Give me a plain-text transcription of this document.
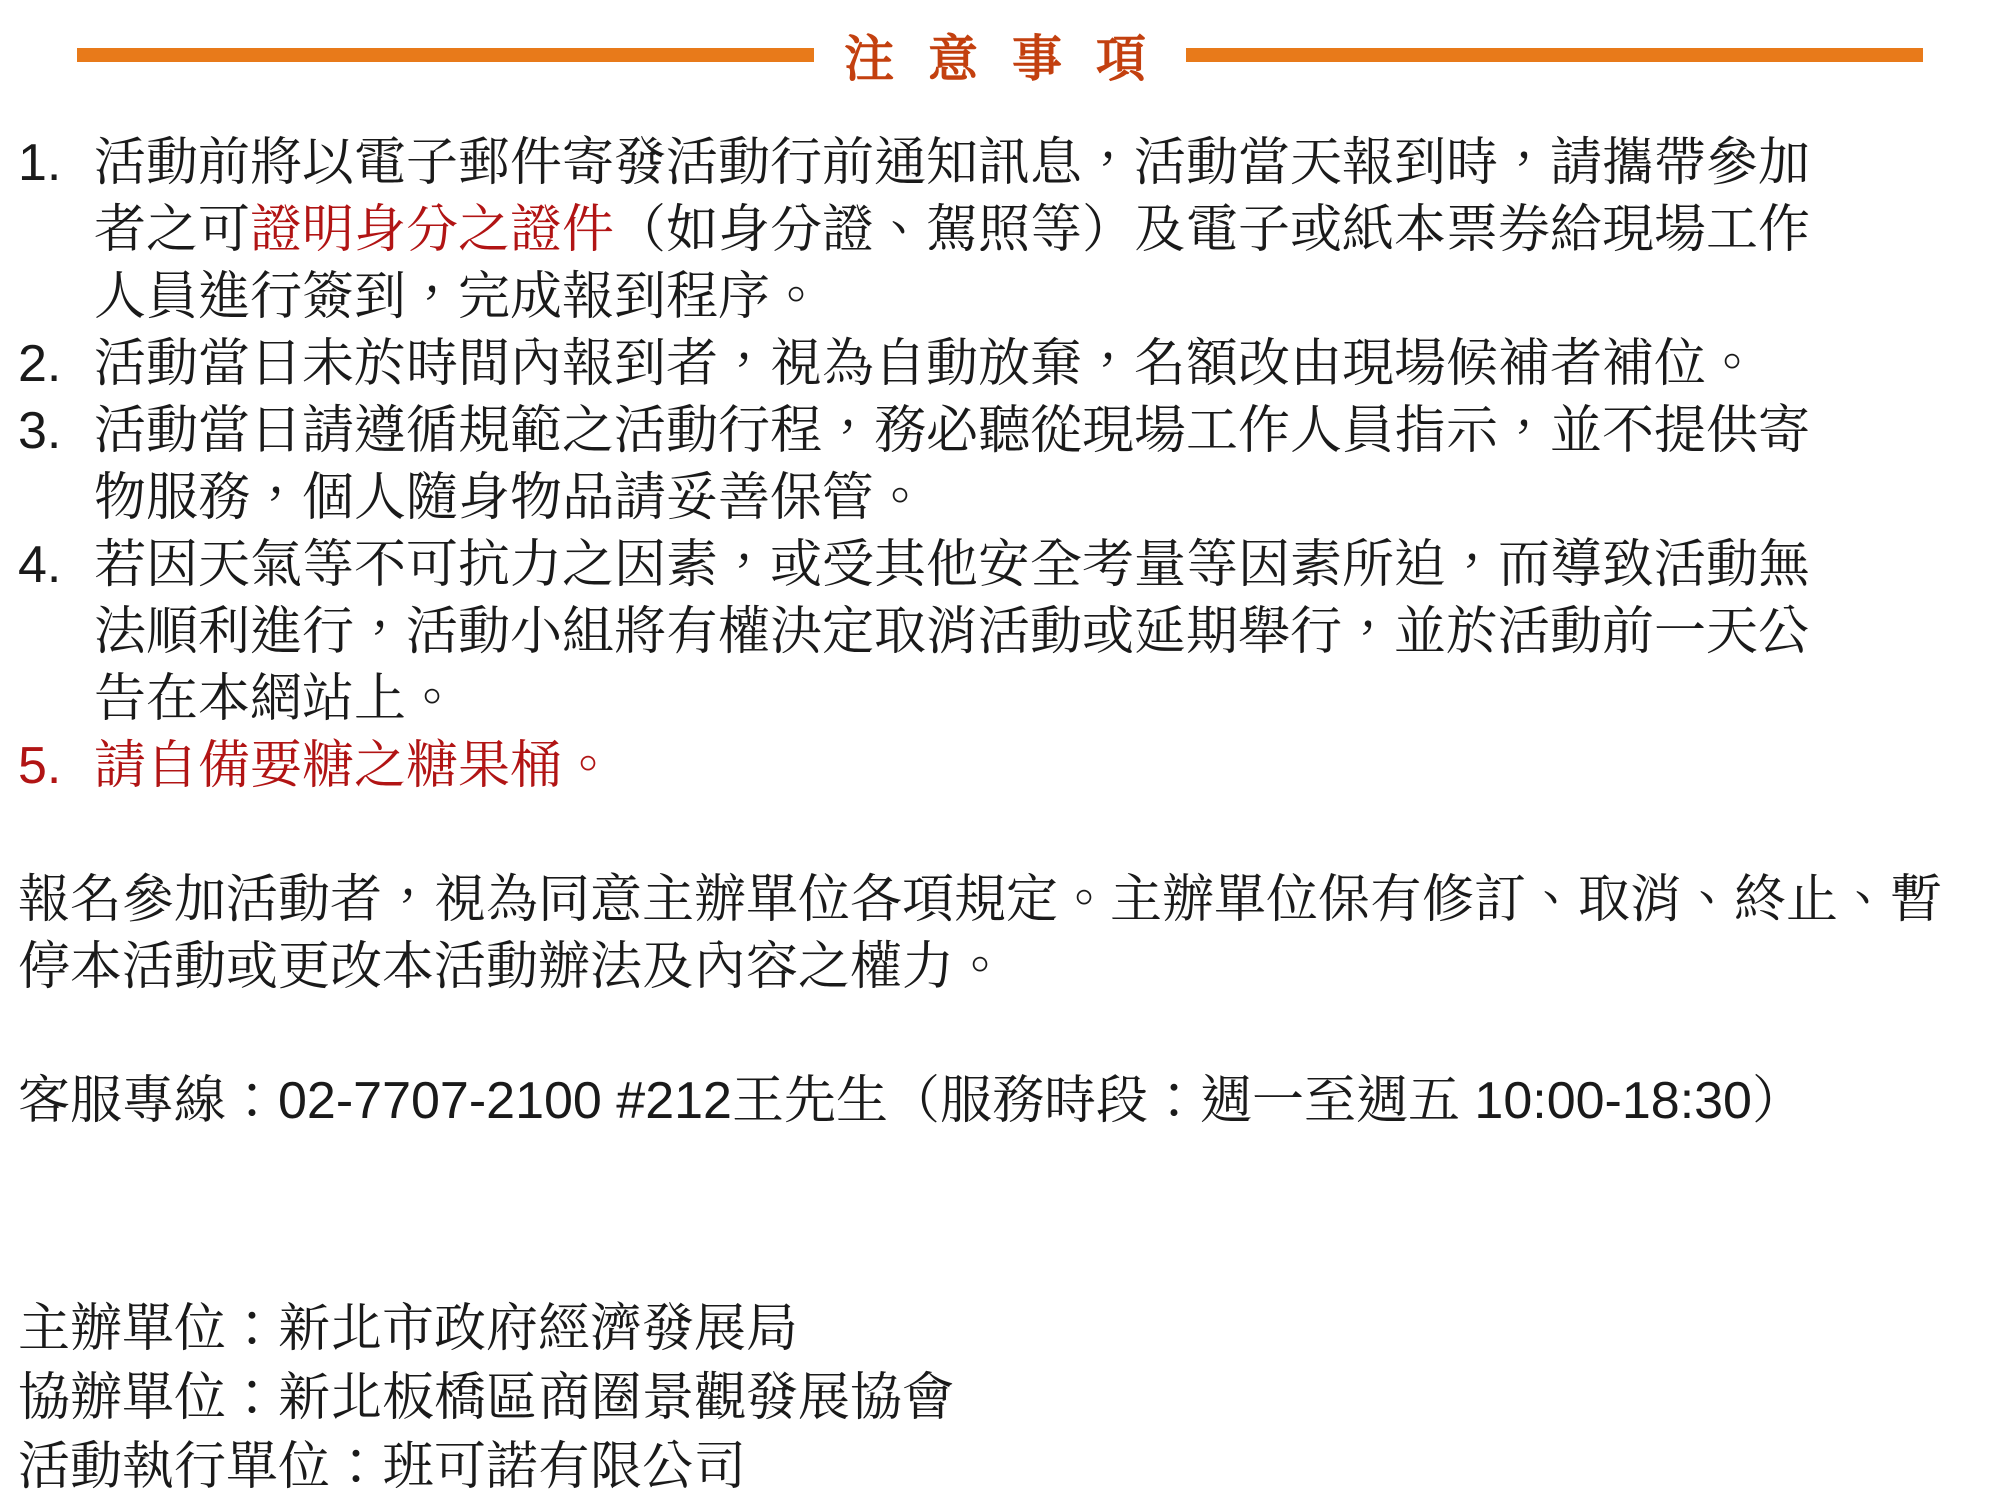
注 意 事 項
1. 活動前將以電子郵件寄發活動行前通知訊息，活動當天報到時，請攜帶參加者之可證明身分之證件（如身分證、駕照等）及電子或紙本票券給現場工作人員進行簽到，完成報到程序。
2. 活動當日未於時間內報到者，視為自動放棄，名額改由現場候補者補位。
3. 活動當日請遵循規範之活動行程，務必聽從現場工作人員指示，並不提供寄物服務，個人隨身物品請妥善保管。
4. 若因天氣等不可抗力之因素，或受其他安全考量等因素所迫，而導致活動無法順利進行，活動小組將有權決定取消活動或延期舉行，並於活動前一天公告在本網站上。
5. 請自備要糖之糖果桶。

報名參加活動者，視為同意主辦單位各項規定。主辦單位保有修訂、取消、終止、暫停本活動或更改本活動辦法及內容之權力。

客服專線：02-7707-2100 #212王先生（服務時段：週一至週五 10:00-18:30）

主辦單位：新北市政府經濟發展局

協辦單位：新北板橋區商圈景觀發展協會

活動執行單位：班可諾有限公司
